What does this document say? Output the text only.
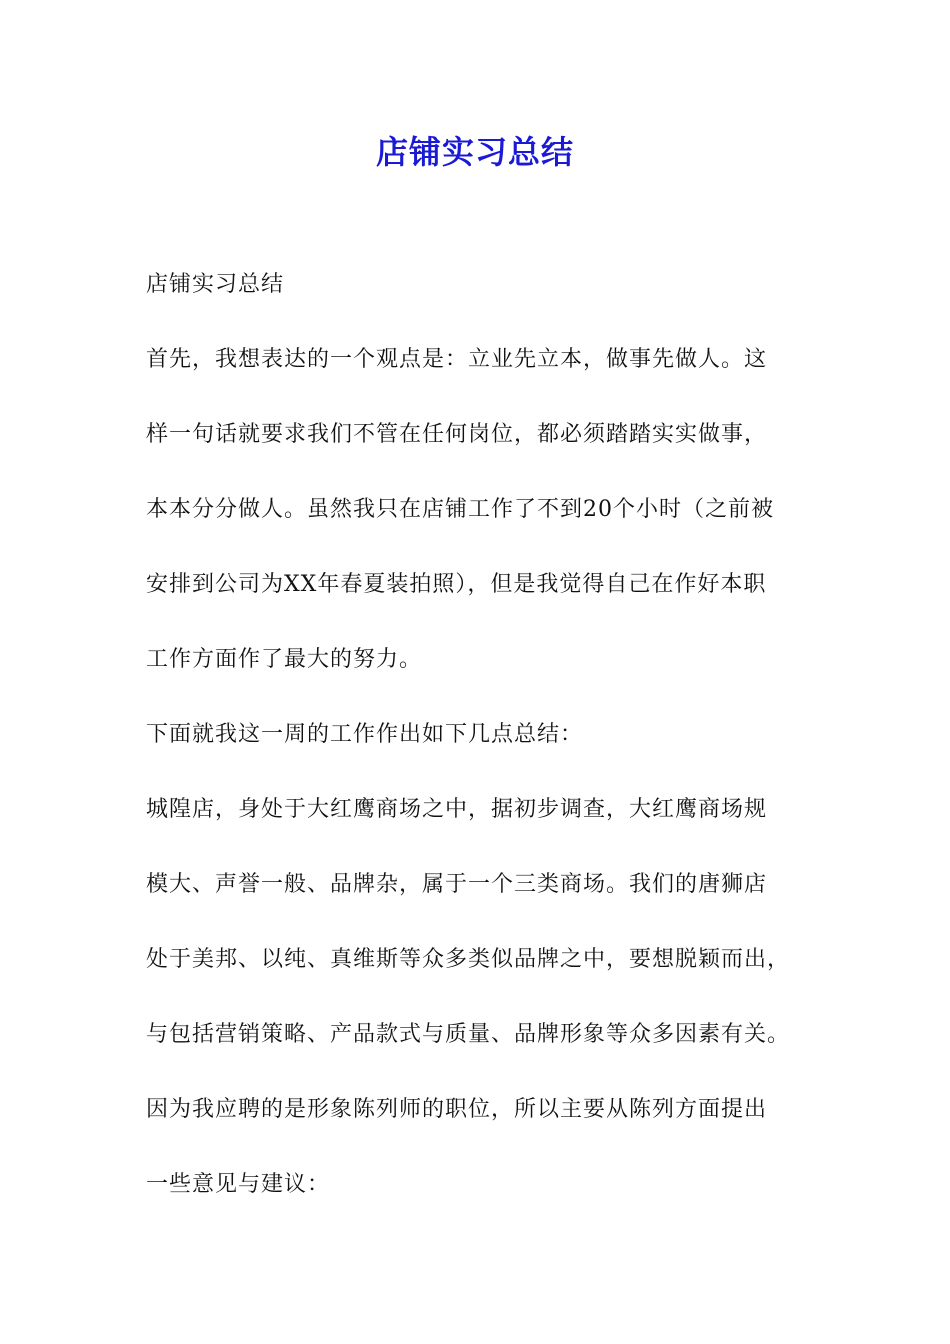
店铺实习总结
店铺实习总结
首先，我想表达的一个观点是：立业先立本，做事先做人。这
样一句话就要求我们不管在任何岗位，都必须踏踏实实做事，
本本分分做人。虽然我只在店铺工作了不到20个小时（之前被
安排到公司为XX年春夏装拍照），但是我觉得自己在作好本职
工作方面作了最大的努力。
下面就我这一周的工作作出如下几点总结：
城隍店，身处于大红鹰商场之中，据初步调查，大红鹰商场规
模大、声誉一般、品牌杂，属于一个三类商场。我们的唐狮店
处于美邦、以纯、真维斯等众多类似品牌之中，要想脱颖而出，
与包括营销策略、产品款式与质量、品牌形象等众多因素有关。
因为我应聘的是形象陈列师的职位，所以主要从陈列方面提出
一些意见与建议：
